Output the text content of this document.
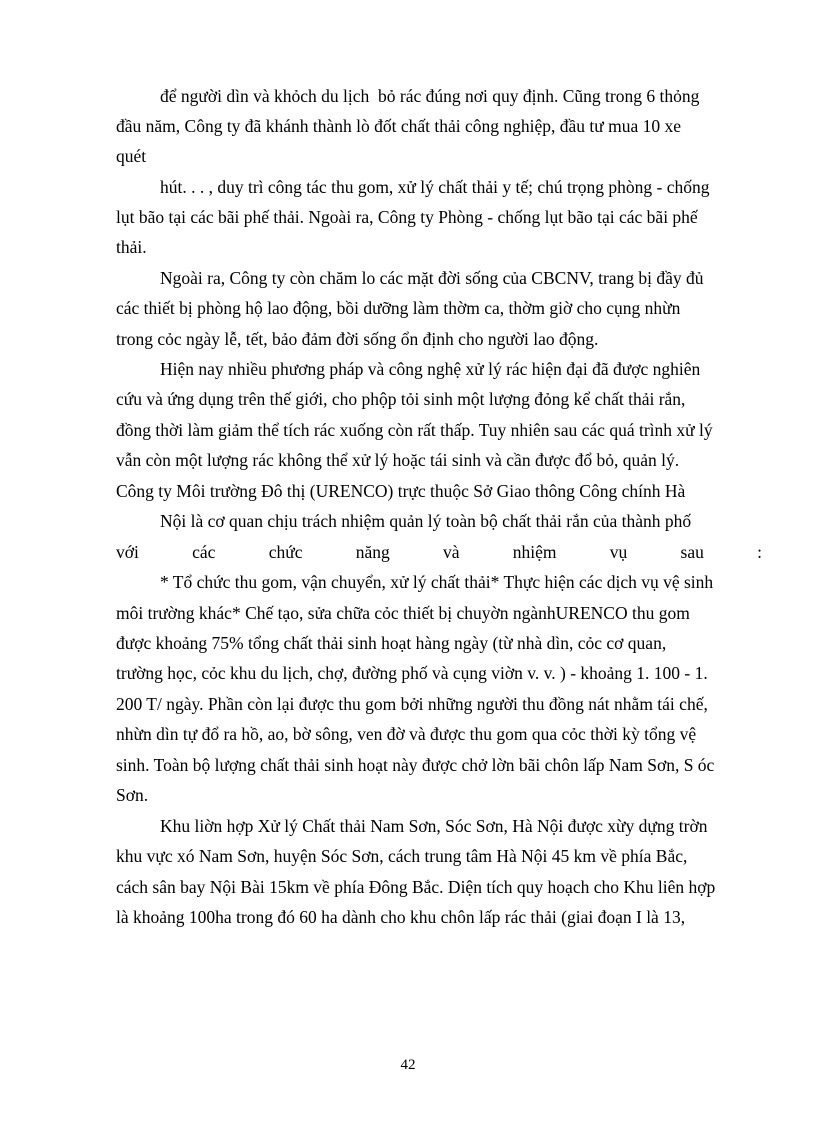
để người dìn và khỏch du lịch  bỏ rác đúng nơi quy định. Cũng trong 6 thỏng
đầu năm, Công ty đã khánh thành lò đốt chất thải công nghiệp, đầu tư mua 10 xe
quét
hút. . . , duy trì công tác thu gom, xử lý chất thải y tế; chú trọng phòng - chống
lụt bão tại các bãi phế thải. Ngoài ra, Công ty Phòng - chống lụt bão tại các bãi phế
thải.
Ngoài ra, Công ty còn chăm lo các mặt đời sống của CBCNV, trang bị đầy đủ
các thiết bị phòng hộ lao động, bồi dưỡng làm thờm ca, thờm giờ cho cụng nhừn
trong cỏc ngày lễ, tết, bảo đảm đời sống ổn định cho người lao động.
Hiện nay nhiều phương pháp và công nghệ xử lý rác hiện đại đã được nghiên
cứu và ứng dụng trên thế giới, cho phộp tỏi sinh một lượng đỏng kể chất thải rắn,
đồng thời làm giảm thể tích rác xuống còn rất thấp. Tuy nhiên sau các quá trình xử lý
vẫn còn một lượng rác không thể xử lý hoặc tái sinh và cần được đổ bỏ, quản lý.
Công ty Môi trường Đô thị (URENCO) trực thuộc Sở Giao thông Công chính Hà
Nội là cơ quan chịu trách nhiệm quản lý toàn bộ chất thải rắn của thành phố
với	các	chức	năng	và	nhiệm	vụ	sau	:
* Tổ chức thu gom, vận chuyển, xử lý chất thải* Thực hiện các dịch vụ vệ sinh
môi trường khác* Chế tạo, sửa chữa cỏc thiết bị chuyờn ngànhURENCO thu gom
được khoảng 75% tổng chất thải sinh hoạt hàng ngày (từ nhà dìn, cỏc cơ quan,
trường học, cỏc khu du lịch, chợ, đường phố và cụng viờn v. v. ) - khoảng 1. 100 - 1.
200 T/ ngày. Phần còn lại được thu gom bởi những người thu đồng nát nhằm tái chế,
nhừn dìn tự đổ ra hồ, ao, bờ sông, ven đờ và được thu gom qua cỏc thời kỳ tổng vệ
sinh. Toàn bộ lượng chất thải sinh hoạt này được chở lờn bãi chôn lấp Nam Sơn, S óc
Sơn.
Khu liờn hợp Xử lý Chất thải Nam Sơn, Sóc Sơn, Hà Nội được xừy dựng trờn
khu vực xó Nam Sơn, huyện Sóc Sơn, cách trung tâm Hà Nội 45 km về phía Bắc,
cách sân bay Nội Bài 15km về phía Đông Bắc. Diện tích quy hoạch cho Khu liên hợp
là khoảng 100ha trong đó 60 ha dành cho khu chôn lấp rác thải (giai đoạn I là 13,
42
